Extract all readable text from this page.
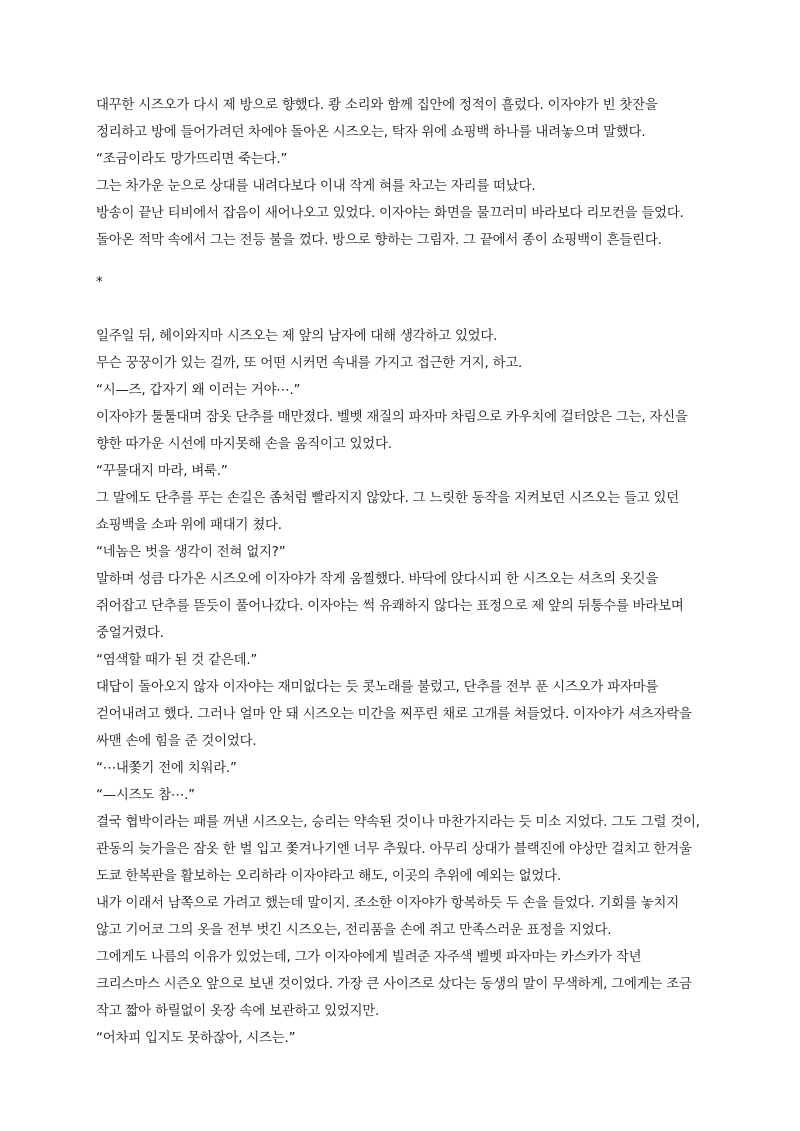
대꾸한 시즈오가 다시 제 방으로 향했다. 쾅 소리와 함께 집안에 정적이 흘렀다. 이자야가 빈 찻잔을
정리하고 방에 들어가려던 차에야 돌아온 시즈오는, 탁자 위에 쇼핑백 하나를 내려놓으며 말했다.
“조금이라도 망가뜨리면 죽는다.”
그는 차가운 눈으로 상대를 내려다보다 이내 작게 혀를 차고는 자리를 떠났다.
방송이 끝난 티비에서 잡음이 새어나오고 있었다. 이자야는 화면을 물끄러미 바라보다 리모컨을 들었다.
돌아온 적막 속에서 그는 전등 불을 껐다. 방으로 향하는 그림자. 그 끝에서 종이 쇼핑백이 흔들린다.
*
일주일 뒤, 헤이와지마 시즈오는 제 앞의 남자에 대해 생각하고 있었다.
무슨 꿍꿍이가 있는 걸까, 또 어떤 시커먼 속내를 가지고 접근한 거지, 하고.
“시—즈, 갑자기 왜 이러는 거야⋯.”
이자야가 툴툴대며 잠옷 단추를 매만졌다. 벨벳 재질의 파자마 차림으로 카우치에 걸터앉은 그는, 자신을
향한 따가운 시선에 마지못해 손을 움직이고 있었다.
“꾸물대지 마라, 벼룩.”
그 말에도 단추를 푸는 손길은 좀처럼 빨라지지 않았다. 그 느릿한 동작을 지켜보던 시즈오는 들고 있던
쇼핑백을 소파 위에 패대기 쳤다.
“네놈은 벗을 생각이 전혀 없지?”
말하며 성큼 다가온 시즈오에 이자야가 작게 움찔했다. 바닥에 앉다시피 한 시즈오는 셔츠의 옷깃을
쥐어잡고 단추를 뜯듯이 풀어나갔다. 이자야는 썩 유쾌하지 않다는 표정으로 제 앞의 뒤통수를 바라보며
중얼거렸다.
“염색할 때가 된 것 같은데.”
대답이 돌아오지 않자 이자야는 재미없다는 듯 콧노래를 불렀고, 단추를 전부 푼 시즈오가 파자마를
걷어내려고 했다. 그러나 얼마 안 돼 시즈오는 미간을 찌푸린 채로 고개를 쳐들었다. 이자야가 셔츠자락을
싸맨 손에 힘을 준 것이었다.
“⋯내쫓기 전에 치워라.”
“—시즈도 참⋯.”
결국 협박이라는 패를 꺼낸 시즈오는, 승리는 약속된 것이나 마찬가지라는 듯 미소 지었다. 그도 그럴 것이,
관동의 늦가을은 잠옷 한 벌 입고 쫓겨나기엔 너무 추웠다. 아무리 상대가 블랙진에 야상만 걸치고 한겨울
도쿄 한복판을 활보하는 오리하라 이자야라고 해도, 이곳의 추위에 예외는 없었다.
내가 이래서 남쪽으로 가려고 했는데 말이지. 조소한 이자야가 항복하듯 두 손을 들었다. 기회를 놓치지
않고 기어코 그의 옷을 전부 벗긴 시즈오는, 전리품을 손에 쥐고 만족스러운 표정을 지었다.
그에게도 나름의 이유가 있었는데, 그가 이자야에게 빌려준 자주색 벨벳 파자마는 카스카가 작년
크리스마스 시즌오 앞으로 보낸 것이었다. 가장 큰 사이즈로 샀다는 동생의 말이 무색하게, 그에게는 조금
작고 짧아 하릴없이 옷장 속에 보관하고 있었지만.
“어차피 입지도 못하잖아, 시즈는.”
